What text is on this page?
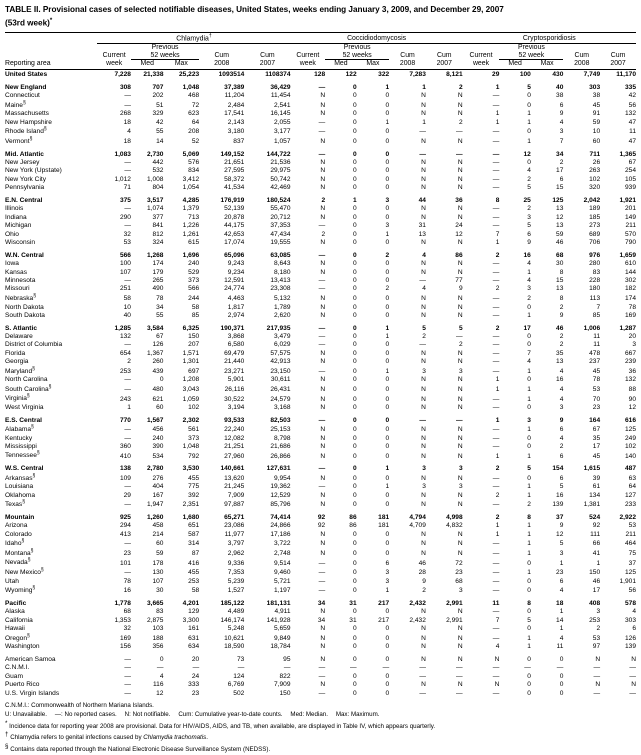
TABLE II. Provisional cases of selected notifiable diseases, United States, weeks ending January 3, 2009, and December 29, 2007
(53rd week)*
	Chlamydia†					Coccidiodomycosis					Cryptosporidiosis				
		Previous					Previous					Previous			
	Current	52 weeks		Cum	Cum	Current	52 weeks		Cum	Cum	Current	52 week		Cum	Cum
Reporting area	week	Med	Max	2008	2007	week	Med	Max	2008	2007	week	Med	Max	2008	2007
United States	7,228	21,338	25,223	1093514	1108374	128	122	322	7,283	8,121	29	100	430	7,749	11,170

New England	308	707	1,048	37,389	36,429	—	0	1	1	2	1	5	40	303	335
Connecticut	—	202	468	11,204	11,454	N	0	0	N	N	—	0	38	38	42
Maine§	—	51	72	2,484	2,541	N	0	0	N	N	—	0	6	45	56
Massachusetts	268	329	623	17,541	16,145	N	0	0	N	N	1	1	9	91	132
New Hampshire	18	42	64	2,143	2,055	—	0	1	1	2	1	1	4	59	47
Rhode Island§	4	55	208	3,180	3,177	—	0	0	—	—	—	0	3	10	11
Vermont§	18	14	52	837	1,057	N	0	0	N	N	—	1	7	60	47

Mid. Atlantic	1,083	2,730	5,069	149,152	144,722	—	0	0	—	—	—	12	34	711	1,365
New Jersey	—	442	576	21,651	21,536	N	0	0	N	N	—	0	2	26	67
New York (Upstate)	—	532	834	27,595	29,975	N	0	0	N	N	—	4	17	263	254
New York City	1,012	1,008	3,412	58,372	50,742	N	0	0	N	N	—	2	6	102	105
Pennsylvania	71	804	1,054	41,534	42,469	N	0	0	N	N	—	5	15	320	939

E.N. Central	375	3,517	4,285	176,919	180,524	2	1	3	44	36	8	25	125	2,042	1,921
Illinois	—	1,074	1,379	52,139	55,470	N	0	0	N	N	—	2	13	189	201
Indiana	290	377	713	20,878	20,712	N	0	0	N	N	—	3	12	185	149
Michigan	—	841	1,226	44,175	37,353	—	0	3	31	24	—	5	13	273	211
Ohio	32	812	1,261	42,653	47,434	2	0	1	13	12	7	6	59	689	570
Wisconsin	53	324	615	17,074	19,555	N	0	0	N	N	1	9	46	706	790

W.N. Central	566	1,268	1,696	65,096	63,085	—	0	2	4	86	2	16	68	976	1,659
Iowa	100	174	240	9,243	8,643	N	0	0	N	N	—	4	30	280	610
Kansas	107	179	529	9,234	8,180	N	0	0	N	N	—	1	8	83	144
Minnesota	—	265	373	12,591	13,413	—	0	0	—	77	—	4	15	228	302
Missouri	251	490	566	24,774	23,308	—	0	2	4	9	2	3	13	180	182
Nebraska§	58	78	244	4,463	5,132	N	0	0	N	N	—	2	8	113	174
North Dakota	10	34	58	1,817	1,789	N	0	0	N	N	—	0	2	7	78
South Dakota	40	55	85	2,974	2,620	N	0	0	N	N	—	1	9	85	169

S. Atlantic	1,285	3,584	6,325	190,371	217,935	—	0	1	5	5	2	17	46	1,006	1,287
Delaware	132	67	150	3,868	3,479	—	0	1	2	—	—	0	2	11	20
District of Columbia	—	126	207	6,580	6,029	—	0	0	—	2	—	0	2	11	3
Florida	654	1,367	1,571	69,479	57,575	N	0	0	N	N	—	7	35	478	667
Georgia	2	260	1,301	21,440	42,913	N	0	0	N	N	—	4	13	237	239
Maryland§	253	439	697	23,271	23,150	—	0	1	3	3	—	1	4	45	36
North Carolina	—	0	1,208	5,901	30,611	N	0	0	N	N	1	0	16	78	132
South Carolina§	—	480	3,043	26,116	26,431	N	0	0	N	N	1	1	4	53	88
Virginia§	243	621	1,059	30,522	24,579	N	0	0	N	N	—	1	4	70	90
West Virginia	1	60	102	3,194	3,168	N	0	0	N	N	—	0	3	23	12

E.S. Central	770	1,567	2,302	93,533	82,503	—	0	0	—	—	1	3	9	164	616
Alabama§	—	456	561	22,240	25,153	N	0	0	N	N	—	1	6	67	125
Kentucky	—	240	373	12,082	8,798	N	0	0	N	N	—	0	4	35	249
Mississippi	360	390	1,048	21,251	21,686	N	0	0	N	N	—	0	2	17	102
Tennessee§	410	534	792	27,960	26,866	N	0	0	N	N	1	1	6	45	140

W.S. Central	138	2,780	3,530	140,661	127,631	—	0	1	3	3	2	5	154	1,615	487
Arkansas§	109	276	455	13,620	9,954	N	0	0	N	N	—	0	6	39	63
Louisiana	—	404	775	21,245	19,362	—	0	1	3	3	—	1	5	61	64
Oklahoma	29	167	392	7,909	12,529	N	0	0	N	N	2	1	16	134	127
Texas§	—	1,947	2,351	97,887	85,796	N	0	0	N	N	—	2	139	1,381	233

Mountain	925	1,260	1,680	65,271	74,414	92	86	181	4,794	4,998	2	8	37	524	2,922
Arizona	294	458	651	23,086	24,866	92	86	181	4,709	4,832	1	1	9	92	53
Colorado	413	214	587	11,977	17,186	N	0	0	N	N	1	1	12	111	211
Idaho§	—	60	314	3,797	3,722	N	0	0	N	N	—	1	5	66	464
Montana§	23	59	87	2,962	2,748	N	0	0	N	N	—	1	3	41	75
Nevada§	101	178	416	9,336	9,514	—	0	6	46	72	—	0	1	1	37
New Mexico§	—	130	455	7,353	9,460	—	0	3	28	23	—	1	23	150	125
Utah	78	107	253	5,239	5,721	—	0	3	9	68	—	0	6	46	1,901
Wyoming§	16	30	58	1,527	1,197	—	0	1	2	3	—	0	4	17	56

Pacific	1,778	3,665	4,201	185,122	181,131	34	31	217	2,432	2,991	11	8	18	408	578
Alaska	68	83	129	4,489	4,911	N	0	0	N	N	—	0	1	3	4
California	1,353	2,875	3,300	146,174	141,928	34	31	217	2,432	2,991	7	5	14	253	303
Hawaii	32	103	161	5,248	5,659	N	0	0	N	N	—	0	1	2	6
Oregon§	169	188	631	10,621	9,849	N	0	0	N	N	—	1	4	53	126
Washington	156	356	634	18,590	18,784	N	0	0	N	N	4	1	11	97	139

American Samoa	—	0	20	73	95	N	0	0	N	N	N	0	0	N	N
C.N.M.I.	—	—	—	—	—	—	—	—	—	—	—	—	—	—	—
Guam	—	4	24	124	822	—	0	0	—	—	—	0	0	—	—
Puerto Rico	—	116	333	6,769	7,909	N	0	0	N	N	N	0	0	N	N
U.S. Virgin Islands	—	12	23	502	150	—	0	0	—	—	—	0	0	—	—
C.N.M.I.: Commonwealth of Northern Mariana Islands.
U: Unavailable.  —: No reported cases.  N: Not notifiable.  Cum: Cumulative year-to-date counts.  Med: Median.  Max: Maximum.
* Incidence data for reporting year 2008 are provisional. Data for HIV/AIDS, AIDS, and TB, when available, are displayed in Table IV, which appears quarterly.
† Chlamydia refers to genital infections caused by Chlamydia trachomatis.
§ Contains data reported through the National Electronic Disease Surveillance System (NEDSS).
